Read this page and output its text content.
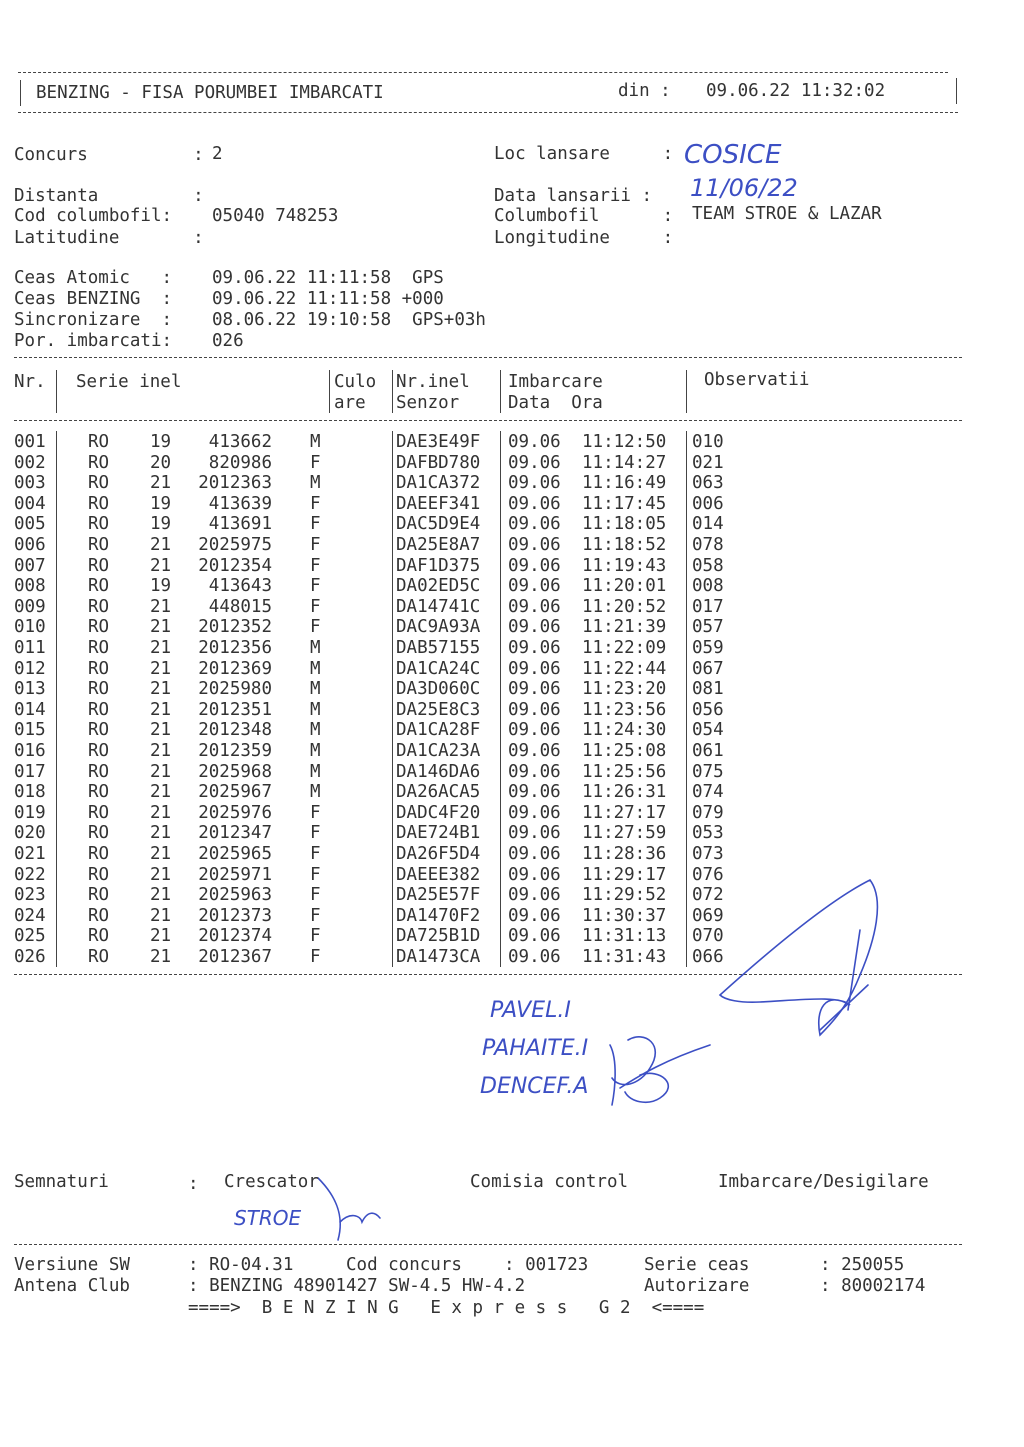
BENZING - FISA PORUMBEI IMBARCATI	din : 09.06.22 11:32:02
Concurs          : 2
Distanta         :
Cod columbofil: 05040 748253
Latitudine       :
Loc lansare     : COSICE
Data lansarii : 11/06/22
Columbofil      : TEAM STROE & LAZAR
Longitudine     :
Ceas Atomic   : 09.06.22 11:11:58  GPS
Ceas BENZING  : 09.06.22 11:11:58 +000
Sincronizare  : 08.06.22 19:10:58  GPS+03h
Por. imbarcati: 026
Nr. Serie inel	Culo
are
Nr.inel
Senzor
Imbarcare
Data  Ora
Observatii
001 RO 19	413662 M	DAE3E49F 09.06 11:12:50 010
002 RO 20	820986 F	DAFBD780 09.06 11:14:27 021
003 RO 21	2012363 M	DA1CA372 09.06 11:16:49 063
004 RO 19	413639 F	DAEEF341 09.06 11:17:45 006
005 RO 19	413691 F	DAC5D9E4 09.06 11:18:05 014
006 RO 21	2025975 F	DA25E8A7 09.06 11:18:52 078
007 RO 21	2012354 F	DAF1D375 09.06 11:19:43 058
008 RO 19	413643 F	DA02ED5C 09.06 11:20:01 008
009 RO 21	448015 F	DA14741C 09.06 11:20:52 017
010 RO 21	2012352 F	DAC9A93A 09.06 11:21:39 057
011 RO 21	2012356 M	DAB57155 09.06 11:22:09 059
012 RO 21	2012369 M	DA1CA24C 09.06 11:22:44 067
013 RO 21	2025980 M	DA3D060C 09.06 11:23:20 081
014 RO 21	2012351 M	DA25E8C3 09.06 11:23:56 056
015 RO 21	2012348 M	DA1CA28F 09.06 11:24:30 054
016 RO 21	2012359 M	DA1CA23A 09.06 11:25:08 061
017 RO 21	2025968 M	DA146DA6 09.06 11:25:56 075
018 RO 21	2025967 M	DA26ACA5 09.06 11:26:31 074
019 RO 21	2025976 F	DADC4F20 09.06 11:27:17 079
020 RO 21	2012347 F	DAE724B1 09.06 11:27:59 053
021 RO 21	2025965 F	DA26F5D4 09.06 11:28:36 073
022 RO 21	2025971 F	DAEEE382 09.06 11:29:17 076
023 RO 21	2025963 F	DA25E57F 09.06 11:29:52 072
024 RO 21	2012373 F	DA1470F2 09.06 11:30:37 069
025 RO 21	2012374 F	DA725B1D 09.06 11:31:13 070
026 RO 21	2012367 F	DA1473CA 09.06 11:31:43 066
PAVEL.I
PAHAITE.I
DENCEF.A
Semnaturi	: Crescator	Comisia control	Imbarcare/Desigilare
STROE
Versiune SW	: RO-04.31	Cod concurs    : 001723	Serie ceas	: 250055
Antena Club	: BENZING 48901427 SW-4.5 HW-4.2	Autorizare	: 80002174
====>  B E N Z I N G   E x p r e s s   G 2  <====
